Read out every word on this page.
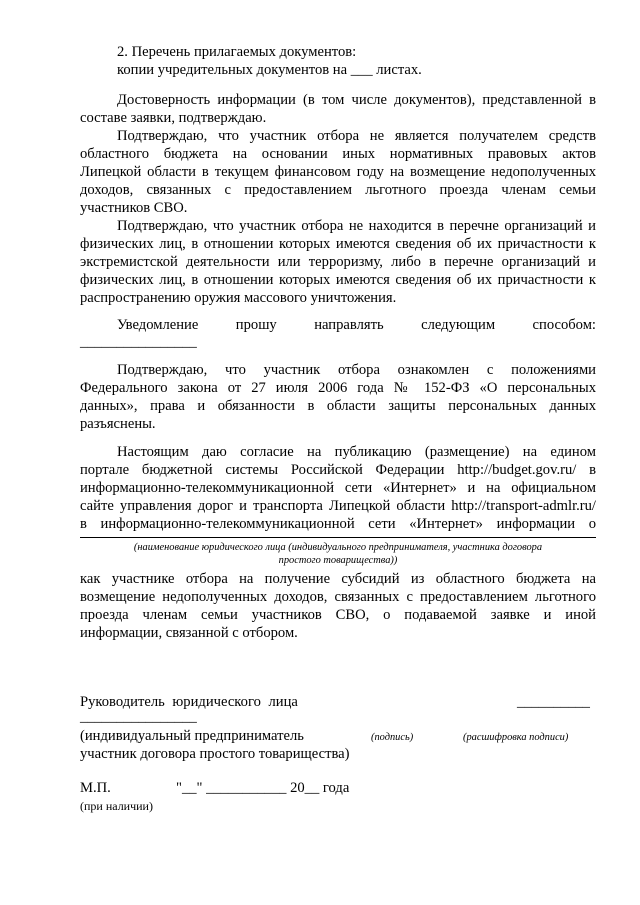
2. Перечень прилагаемых документов:
копии учредительных документов на ___ листах.
Достоверность информации (в том числе документов), представленной в
составе заявки, подтверждаю.
Подтверждаю, что участник отбора не является получателем средств
областного бюджета на основании иных нормативных правовых актов
Липецкой области в текущем финансовом году на возмещение недополученных
доходов, связанных с предоставлением льготного проезда членам семьи
участников СВО.
Подтверждаю, что участник отбора не находится в перечне организаций и
физических лиц, в отношении которых имеются сведения об их причастности к
экстремистской деятельности или терроризму, либо в перечне организаций и
физических лиц, в отношении которых имеются сведения об их причастности к
распространению оружия массового уничтожения.
Уведомление прошу направлять следующим способом:
________________
Подтверждаю, что участник отбора ознакомлен с положениями
Федерального закона от 27 июля 2006 года № 152-ФЗ «О персональных
данных», права и обязанности в области защиты персональных данных
разъяснены.
Настоящим даю согласие на публикацию (размещение) на едином
портале бюджетной системы Российской Федерации http://budget.gov.ru/ в
информационно-телекоммуникационной сети «Интернет» и на официальном
сайте управления дорог и транспорта Липецкой области http://transport-admlr.ru/
в информационно-телекоммуникационной сети «Интернет» информации о
(наименование юридического лица (индивидуального предпринимателя, участника договора
простого товарищества))
как участнике отбора на получение субсидий из областного бюджета на
возмещение недополученных доходов, связанных с предоставлением льготного
проезда членам семьи участников СВО, о подаваемой заявке и иной
информации, связанной с отбором.
Руководитель юридического лица	__________
________________
(индивидуальный предприниматель	(подпись)	(расшифровка подписи)
участник договора простого товарищества)
М.П.	"__" ___________ 20__ года
(при наличии)
